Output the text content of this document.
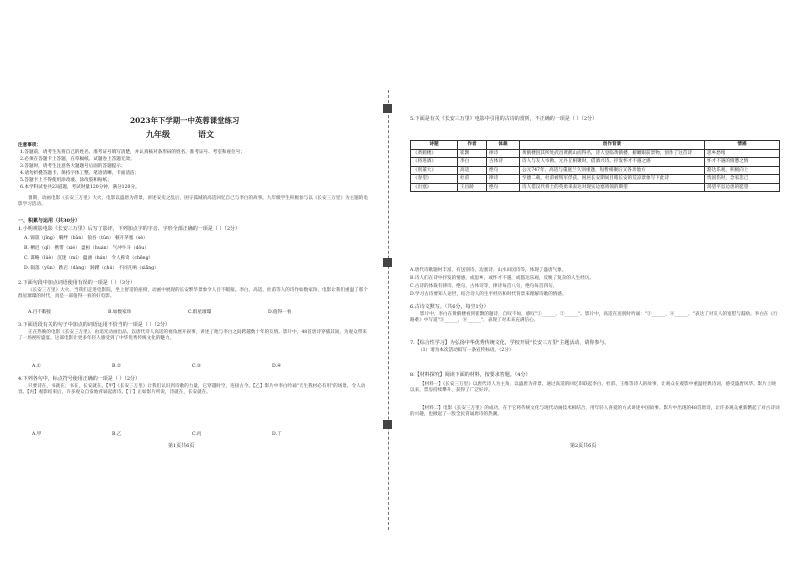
2023年下学期一中英蓉课堂练习
九年级	语文
注意事项：
1.答题前，请考生先将自己的姓名、准考证号填写清楚，并认真核对条形码的姓名、准考证号、考室和座位号；
2.必须在答题卡上答题，在草稿纸、试题卷上答题无效；
3.答题时，请考生注意各大题题号后面的答题提示；
4.请勿折叠答题卡，保持字体工整、笔迹清晰、卡面清洁；
5.答题卡上不得使用涂改液、涂改胶和贴纸；
6.本学科试卷共23道题，考试时量120分钟，满分120分。
暑期，动画电影《长安三万里》大火，电影以盛唐为背景，讲述安史之乱后，困守孤城的高适回忆自己与李白的故事。九年级学生积极参与以《长安三万里》为主题的电影学习活动。
一、积累与运用（共30分）
1.小明观影电影《长安三万里》后写了影评，下列加点字的字音、字形全部正确的一项是（ ）（2分）
A. 锦簇（jǐng） 羁绊（bàn） 狼吞（tūn） 顿开茅塞（sè）
B. 栖迟（qī） 携带（xié） 盘桓（huán） 气冲牛斗（dǒu）
C. 谋略（lüè） 沉迷（mí） 蕴涵（hán） 令人称奇（chēng）
D. 陨落（yǔn） 跌宕（dàng） 踌躇（chú） 不同凡响（xiǎng）
2.下面句段中加点词语使用有误的一项是（ ）（3分）
《长安三万里》大火，当我们走进电影院，坐上舒适的座椅，动画中展现的长安繁华景象令人目不暇接。李白、高适、杜甫等人的诗作如数家珍，电影让我们重温了那个群星璀璨的时代，真是一部值得一看的好电影。
A.目不暇接	B.如数家珍	C.群星璀璨	D.值得一看
3.下面语段有关的句子中加点的词语运用不恰当的一项是（ ）（2分）
正在热映的电影《长安三万里》，由追光动画出品，以唐代诗人高适的视角展开叙事，讲述了他与李白之间跨越数十年的友情。影片中，48首唐诗穿插其间，为观众带来了一场视听盛宴。这部电影让更多年轻人感受到了中华优秀传统文化的魅力。
A.①	B.②	C.③	D.④
4.下列各句中，标点符号使用正确的一项是（ ）（2分）
只要诗在，书就在；书在，长安就在。【甲】《长安三万里》让我们认识到诗歌的力量，它穿越时空，连接古今。【乙】影片中李白吟诵"天生我材必有用"的场景，令人动容。【丙】观影结束后，许多观众自发地背诵起唐诗。【丁】正如影片所说，诗就在，长安就在。
A.甲	B.乙	C.丙	D.丁
第1页共6页
5.下面是有关《长安三万里》电影中引用的古诗的赏析，不正确的一项是（ ）（2分）
诗题	作者	体裁	创作背景	情感
《黄鹤楼》	崔颢	律诗	黄鹤楼因其所处武昌黄鹤山而得名，诗人登临黄鹤楼，俯瞰眼前景物，创作了这首诗	思乡愁绪
《将进酒》	李白	古体诗	诗人与友人岑勋、元丹丘相聚时，借酒兴诗，抒发怀才不遇之感	怀才不遇的愤懑之情
《别董大》	高适	绝句	公元747年，高适与董庭兰久别重逢，短暂相聚后又各奔他方	豁达乐观，积极向上
《春望》	杜甫	律诗	至德二载，杜甫被叛军俘获，困居长安期间目睹长安的荒凉景象写下此诗	忧国伤时，念家悲己
《出塞》	王昌龄	绝句	诗人借汉代将士的英勇来表达对现实边塞将领的期望	渴望平息边患的愿望
A.唐代诗歌题材丰富，有送别诗、边塞诗、山水田园诗等，体现了盛唐气象。
B.诗人们在诗中抒发的情感，或思乡，或怀才不遇，或豁达乐观，反映了复杂的人生经历。
C.古诗的体裁有律诗、绝句、古体诗等，律诗每首八句，绝句每首四句。
D.学习古诗要知人论世，结合诗人的生平经历和时代背景来理解诗歌的情感。
6.古诗文默写。（共6分，每空1分）
影片中，李白在黄鹤楼看到崔颢的题诗，自叹不如，感叹"①______，②______"。影片中，高适在送别时吟诵："③______，④______。"表达了对友人的宽慰与鼓励。李白在《行路难》中写道"⑤______，⑥______"，表现了对未来充满信心。
7.【综合性学习】为弘扬中华优秀传统文化，学校开展"长安三万里"主题活动，请你参与。
（1）请为本次活动拟写一条宣传标语。（2分）
8.【材料探究】阅读下面的材料，按要求答题。（4分）
【材料一】《长安三万里》以唐代诗人为主角，以盛唐为背景，通过高适的回忆串联起李白、杜甫、王维等诗人的故事，让观众在观影中重温经典诗词，感受盛唐风华。影片上映以来，票房持续攀升，获得了广泛好评。
【材料二】电影《长安三万里》的成功，在于它将传统文化与现代动画技术相结合，用年轻人喜爱的方式讲述中国故事。影片中出现的48首唐诗，让许多观众重新燃起了对古诗词的兴趣，也掀起了一股全民背诵唐诗的热潮。
第2页共6页
